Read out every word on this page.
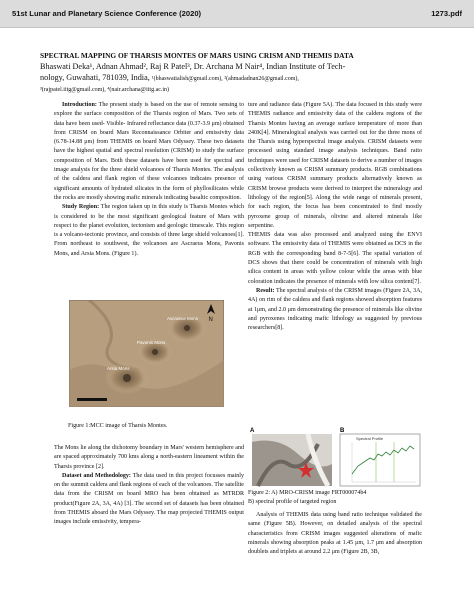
51st Lunar and Planetary Science Conference (2020)	1273.pdf
SPECTRAL MAPPING OF THARSIS MONTES OF MARS USING CRISM AND THEMIS DATA
Bhaswati Deka¹, Adnan Ahmad², Raj R Patel³, Dr. Archana M Nair⁴, Indian Institute of Tech-
nology, Guwahati, 781039, India, ¹(bhaswatialish@gmail.com), ²(ahmadadnan26@gmail.com),
³(rajpatel.iitg@gmail.com), ⁴(nair.archana@iitg.ac.in)

Introduction: The present study is based on the use of remote sensing to explore the surface composition of the Tharsis region of Mars. Two sets of data have been used- Visible- Infrared reflectance data (0.37-3.9 μm) obtained from CRISM on board Mars Reconnaissance Orbiter and emissivity data (6.78-14.88 μm) from THEMIS on board Mars Odyssey. These two datasets have the highest spatial and spectral resolution (CRISM) to study the surface composition of Mars. Both these datasets have been used for spectral and image analysis for the three shield volcanoes of Tharsis Montes. The analysis of the caldera and flank region of these volcanoes indicates presence of significant amounts of hydrated silicates in the form of phyllosilicates while the rocks are mostly showing mafic minerals indicating basaltic composition.

Study Region: The region taken up in this study is Tharsis Montes which is considered to be the most significant geological feature of Mars with respect to the planet evolution, tectonism and geologic timescale. This region is a volcano-tectonic province, and consists of three large shield volcanoes[1]. From northeast to southwest, the volcanoes are Ascraeus Mons, Pavonis Mons, and Arsia Mons. (Figure 1).

Ascraeus Mons
Pavonis Mons
Arsia Mons
N
Figure 1:MCC image of Tharsis Montes.

The Mons lie along the dichotomy boundary in Mars' western hemisphere and are spaced approximately 700 kms along a north-eastern lineament within the Tharsis province [2].

Dataset and Methodology: The data used in this project focusses mainly on the summit caldera and flank regions of each of the volcanoes. The satellite data from the CRISM on board MRO has been obtained as MTRDR product(Figure 2A, 3A, 4A) [3]. The second set of datasets has been obtained from THEMIS aboard the Mars Odyssey. The map projected THEMIS output images include emissivity, tempera-

ture and radiance data (Figure 5A). The data focused in this study were THEMIS radiance and emissivity data of the caldera regions of the Tharsis Montes having an average surface temperature of more than 240K[4]. Mineralogical analysis was carried out for the three mons of the Tharsis using hyperspectral image analysis. CRISM datasets were processed using standard image analysis techniques. Band ratio techniques were used for CRISM datasets to derive a number of images collectively known as CRISM summary products. RGB combinations using various CRISM summary products alternatively known as CRISM browse products were derived to interpret the mineralogy and lithology of the region[5]. Along the wide range of minerals present, for each region, the focus has been concentrated to find mostly pyroxene group of minerals, olivine and altered minerals like serpentine.

THEMIS data was also processed and analyzed using the ENVI software. The emissivity data of THEMIS were obtained as DCS in the RGB with the corresponding band 8-7-5[6]. The spatial variation of DCS shows that there could be concentration of minerals with high silica content in areas with yellow colour while the areas with blue coloration indicates the presence of minerals with low silica content[7].

Result: The spectral analysis of the CRISM images (Figure 2A, 3A, 4A) on rim of the caldera and flank regions showed absorption features at 1μm, and 2.0 μm demonstrating the presence of minerals like olivine and pyroxenes indicating mafic lithology as suggested by previous researchers[8].

A	B
Spectral Profile
Figure 2: A) MRO-CRISM image FRT000074b4
B) spectral profile of targeted region

Analysis of THEMIS data using band ratio technique validated the same (Figure 5B). However, on detailed analysis of the spectral characteristics from CRISM images suggested alterations of mafic minerals showing absorption peaks at 1.45 μm, 1.7 μm and absorption doublets and triplets at around 2.2 μm (Figure 2B, 3B,
